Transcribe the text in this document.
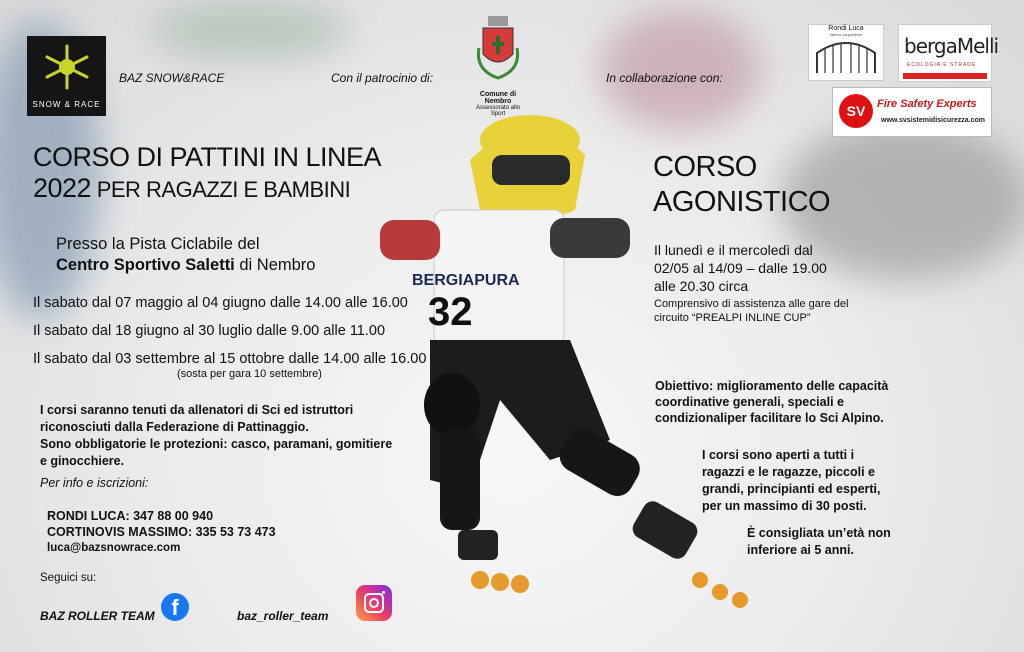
BERGIAPURA
32
SNOW & RACE
BAZ SNOW&RACE	Con il patrocinio di:
Comune di Nembro
Assessorato allo Sport
In collaborazione con:
Rondi Luca
fabbro carpentiere	bergaMelli
ECOLOGIA E STRADE
SV	Fire Safety Experts
www.svsistemidisicurezza.com
CORSO DI PATTINI IN LINEA
2022 PER RAGAZZI E BAMBINI
Presso la Pista Ciclabile del
Centro Sportivo Saletti di Nembro
Il sabato dal 07 maggio al 04 giugno dalle 14.00 alle 16.00
Il sabato dal 18 giugno al 30 luglio dalle 9.00 alle 11.00
Il sabato dal 03 settembre al 15 ottobre dalle 14.00 alle 16.00
(sosta per gara 10 settembre)
I corsi saranno tenuti da allenatori di Sci ed istruttori
riconosciuti dalla Federazione di Pattinaggio.
Sono obbligatorie le protezioni: casco, paramani, gomitiere
e ginocchiere.
Per info e iscrizioni:
RONDI LUCA: 347 88 00 940
CORTINOVIS MASSIMO: 335 53 73 473
luca@bazsnowrace.com
Seguici su:
BAZ ROLLER TEAM f	baz_roller_team
CORSO
AGONISTICO
Il lunedì e il mercoledì dal
02/05 al 14/09 – dalle 19.00
alle 20.30 circa
Comprensivo di assistenza alle gare del
circuito “PREALPI INLINE CUP”
Obiettivo: miglioramento delle capacità
coordinative generali, speciali e
condizionaliper facilitare lo Sci Alpino.
I corsi sono aperti a tutti i
ragazzi e le ragazze, piccoli e
grandi, principianti ed esperti,
per un massimo di 30 posti.
È consigliata un’età non
inferiore ai 5 anni.
